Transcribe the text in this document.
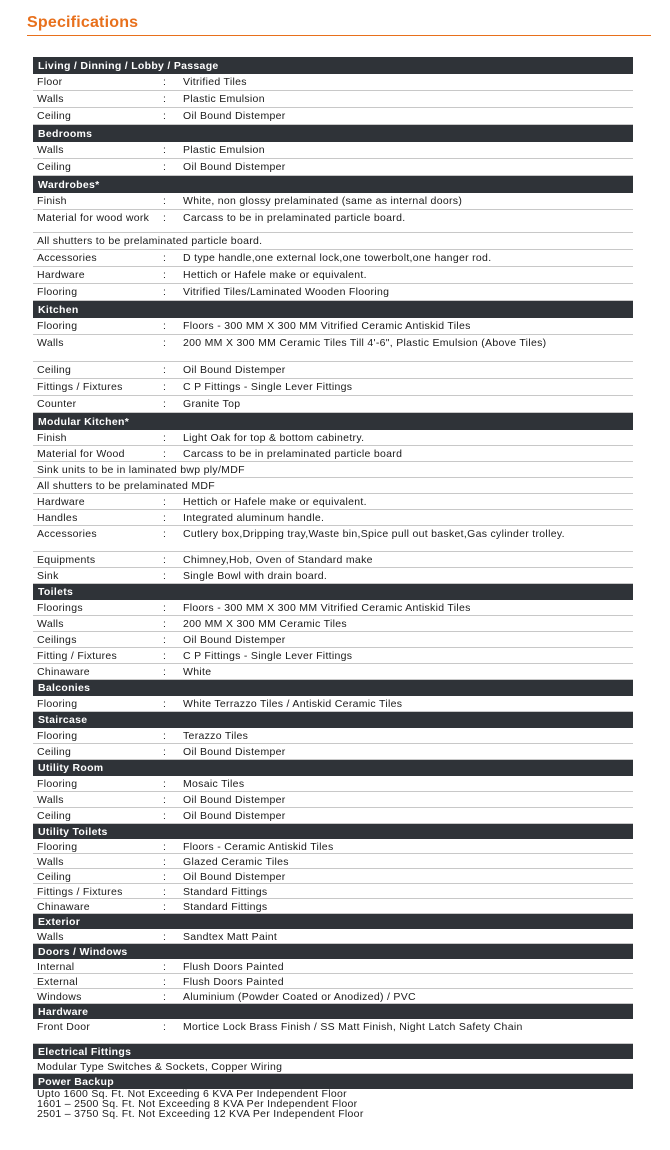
Specifications
Living / Dinning / Lobby / Passage
Floor	:	Vitrified Tiles
Walls	:	Plastic Emulsion
Ceiling	:	Oil Bound Distemper
Bedrooms
Walls	:	Plastic Emulsion
Ceiling	:	Oil Bound Distemper
Wardrobes*
Finish	:	White, non glossy prelaminated (same as internal doors)
Material for wood work	:	Carcass to be in prelaminated particle board.
All shutters to be prelaminated particle board.
Accessories	:	D type handle,one external lock,one towerbolt,one hanger rod.
Hardware	:	Hettich or Hafele make or equivalent.
Flooring	:	Vitrified Tiles/Laminated Wooden Flooring
Kitchen
Flooring	:	Floors - 300 MM X 300 MM Vitrified Ceramic Antiskid Tiles
Walls	:	200 MM X 300 MM Ceramic Tiles Till 4'-6", Plastic Emulsion (Above Tiles)
Ceiling	:	Oil Bound Distemper
Fittings / Fixtures	:	C P Fittings - Single Lever Fittings
Counter	:	Granite Top
Modular Kitchen*
Finish	:	Light Oak for top & bottom cabinetry.
Material for Wood	:	Carcass to be in prelaminated particle board
Sink units to be in laminated bwp ply/MDF
All shutters to be prelaminated MDF
Hardware	:	Hettich or Hafele make or equivalent.
Handles	:	Integrated aluminum handle.
Accessories	:	Cutlery box,Dripping tray,Waste bin,Spice pull out basket,Gas cylinder trolley.
Equipments	:	Chimney,Hob, Oven of Standard make
Sink	:	Single Bowl with drain board.
Toilets
Floorings	:	Floors - 300 MM X 300 MM Vitrified Ceramic Antiskid Tiles
Walls	:	200 MM X 300 MM Ceramic Tiles
Ceilings	:	Oil Bound Distemper
Fitting / Fixtures	:	C P Fittings - Single Lever Fittings
Chinaware	:	White
Balconies
Flooring	:	White Terrazzo Tiles / Antiskid Ceramic Tiles
Staircase
Flooring	:	Terazzo Tiles
Ceiling	:	Oil Bound Distemper
Utility Room
Flooring	:	Mosaic Tiles
Walls	:	Oil Bound Distemper
Ceiling	:	Oil Bound Distemper
Utility Toilets
Flooring	:	Floors - Ceramic Antiskid Tiles
Walls	:	Glazed Ceramic Tiles
Ceiling	:	Oil Bound Distemper
Fittings / Fixtures	:	Standard Fittings
Chinaware	:	Standard Fittings
Exterior
Walls	:	Sandtex Matt Paint
Doors / Windows
Internal	:	Flush Doors Painted
External	:	Flush Doors Painted
Windows	:	Aluminium (Powder Coated or Anodized) / PVC
Hardware
Front Door	:	Mortice Lock Brass Finish / SS Matt Finish, Night Latch Safety Chain
Electrical Fittings
Modular Type Switches & Sockets, Copper Wiring
Power Backup
Upto 1600 Sq. Ft. Not Exceeding 6 KVA Per Independent Floor
1601 – 2500 Sq. Ft. Not Exceeding 8 KVA Per Independent Floor
2501 – 3750 Sq. Ft. Not Exceeding 12 KVA Per Independent Floor
